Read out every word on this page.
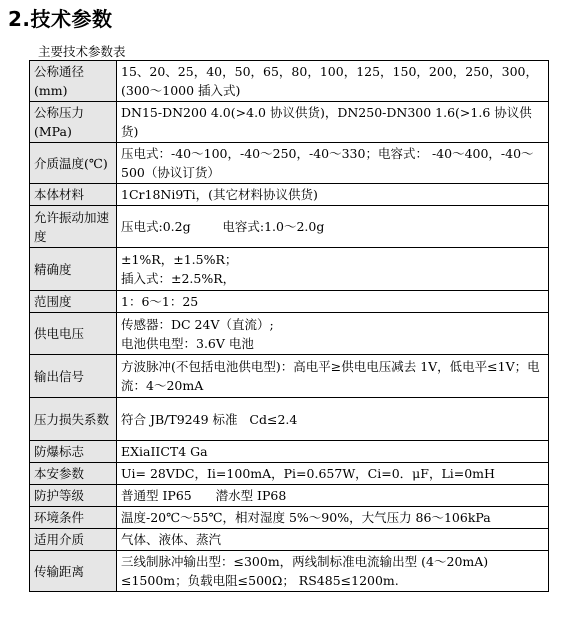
2.技术参数
主要技术参数表
公称通径(mm)	15、20、25，40，50，65，80，100，125，150，200，250，300，(300～1000 插入式)
公称压力(MPa)	DN15-DN200 4.0(>4.0 协议供货)，DN250-DN300 1.6(>1.6 协议供货)
介质温度(℃)	压电式：-40～100，-40～250，-40～330；电容式： -40～400，-40～500（协议订货）
本体材料	1Cr18Ni9Ti，(其它材料协议供货)
允许振动加速度	压电式:0.2g        电容式:1.0～2.0g
精确度	±1%R，±1.5%R；
插入式：±2.5%R，

范围度	1：6～1：25
供电电压	传感器：DC 24V（直流）;
电池供电型：3.6V 电池

输出信号	方波脉冲(不包括电池供电型)：高电平≥供电电压减去 1V，低电平≤1V；电流：4～20mA
压力损失系数	符合 JB/T9249 标准   Cd≤2.4
防爆标志	EXiaIICT4 Ga
本安参数	Ui= 28VDC，Ii=100mA，Pi=0.657W，Ci=0．μF，Li=0mH
防护等级	普通型 IP65      潜水型 IP68
环境条件	温度-20℃～55℃，相对湿度 5%～90%，大气压力 86～106kPa
适用介质	气体、液体、蒸汽
传输距离	三线制脉冲输出型：≤300m，两线制标准电流输出型 (4～20mA) ≤1500m；负载电阻≤500Ω； RS485≤1200m.
